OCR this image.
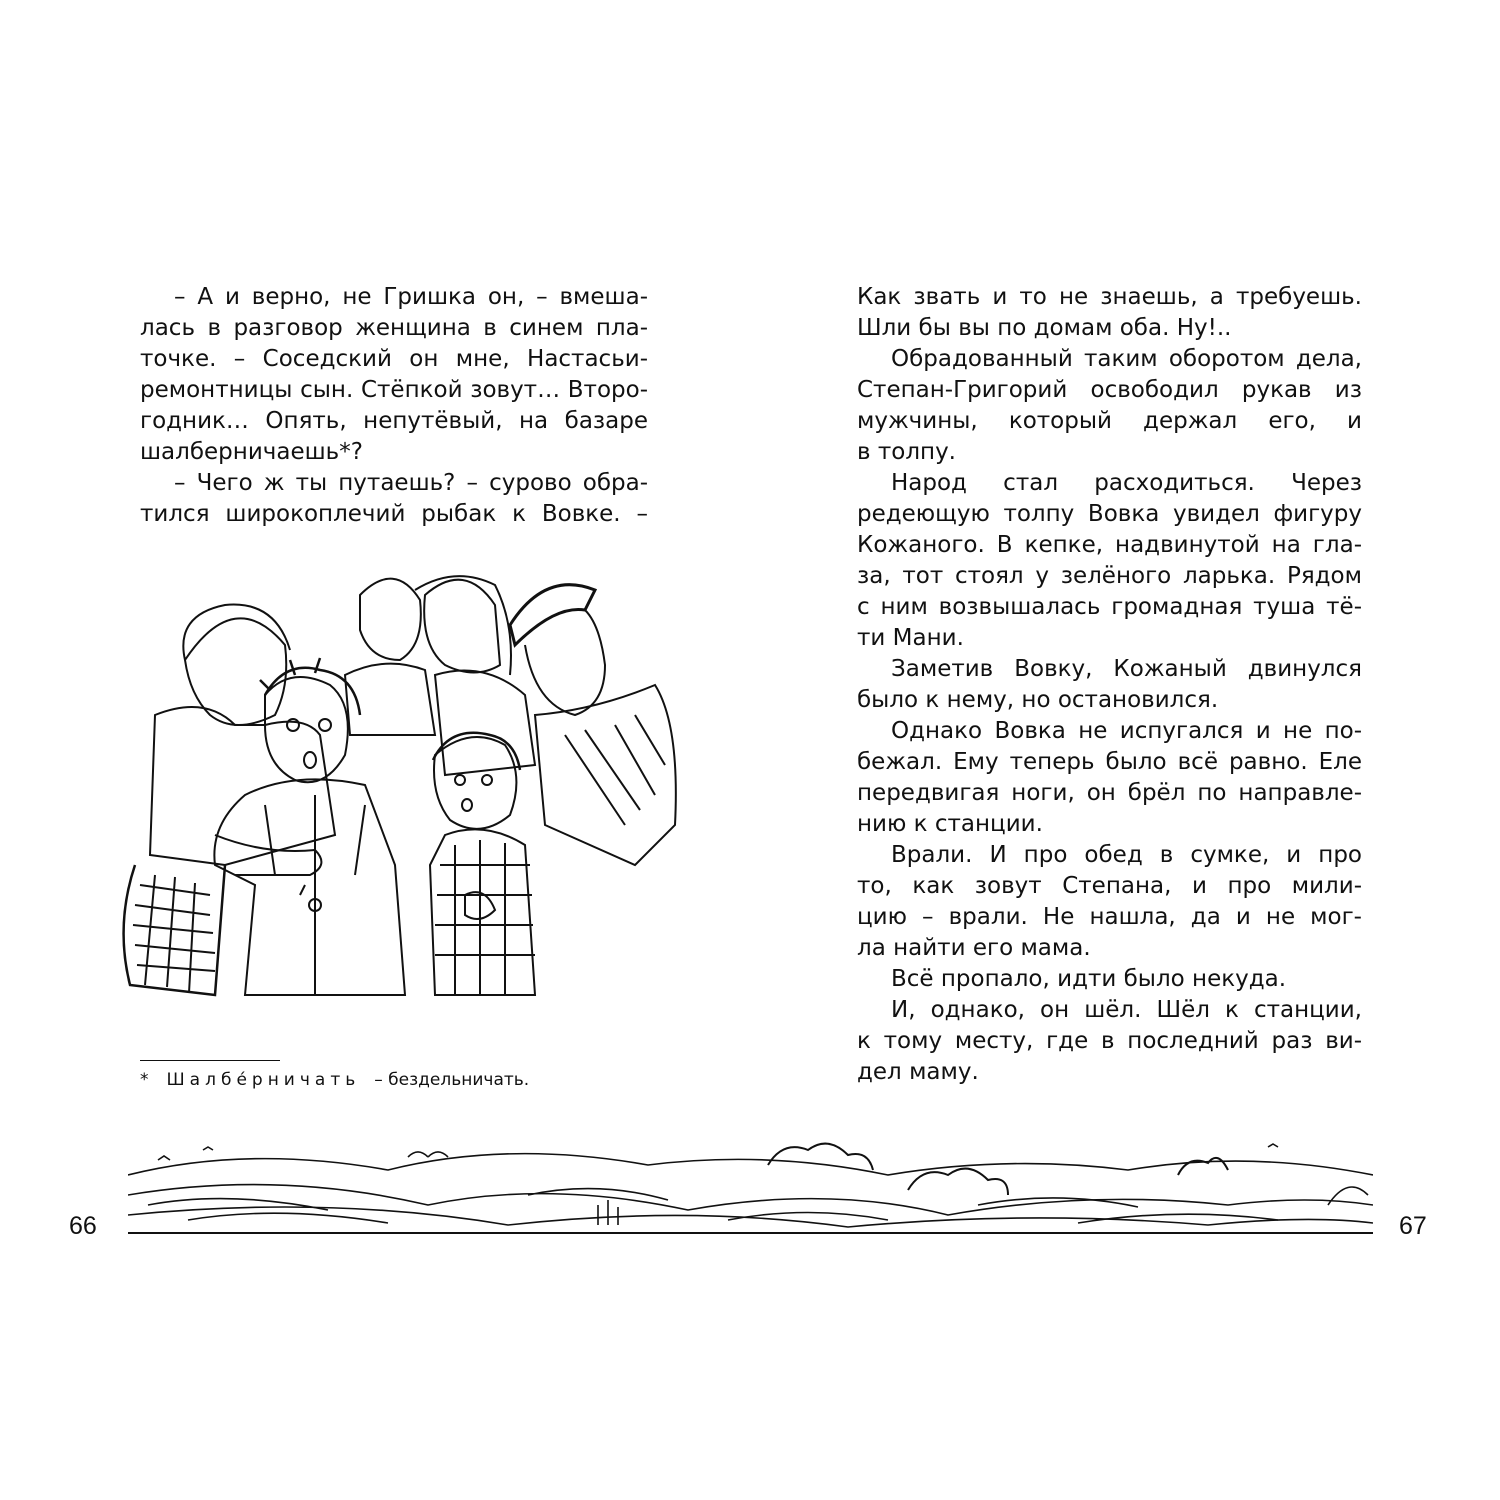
– А и верно, не Гришка он, – вмеша-
лась в разговор женщина в синем пла-
точке. – Соседский он мне, Настасьи-
ремонтницы сын. Стёпкой зовут… Второ-
годник… Опять, непутёвый, на базаре
шалберничаешь*?
– Чего ж ты путаешь? – сурово обра-
тился широкоплечий рыбак к Вовке. –
* Шалбе́рничать – бездельничать.
Как звать и то не знаешь, а требуешь.
Шли бы вы по домам оба. Ну!..
Обрадованный таким оборотом дела,
Степан-Григорий освободил рукав из
мужчины, который держал его, и
в толпу.
Народ стал расходиться. Через
редеющую толпу Вовка увидел фигуру
Кожаного. В кепке, надвинутой на гла-
за, тот стоял у зелёного ларька. Рядом
с ним возвышалась громадная туша тё-
ти Мани.
Заметив Вовку, Кожаный двинулся
было к нему, но остановился.
Однако Вовка не испугался и не по-
бежал. Ему теперь было всё равно. Еле
передвигая ноги, он брёл по направле-
нию к станции.
Врали. И про обед в сумке, и про
то, как зовут Степана, и про мили-
цию – врали. Не нашла, да и не мог-
ла найти его мама.
Всё пропало, идти было некуда.
И, однако, он шёл. Шёл к станции,
к тому месту, где в последний раз ви-
дел маму.
66	67
